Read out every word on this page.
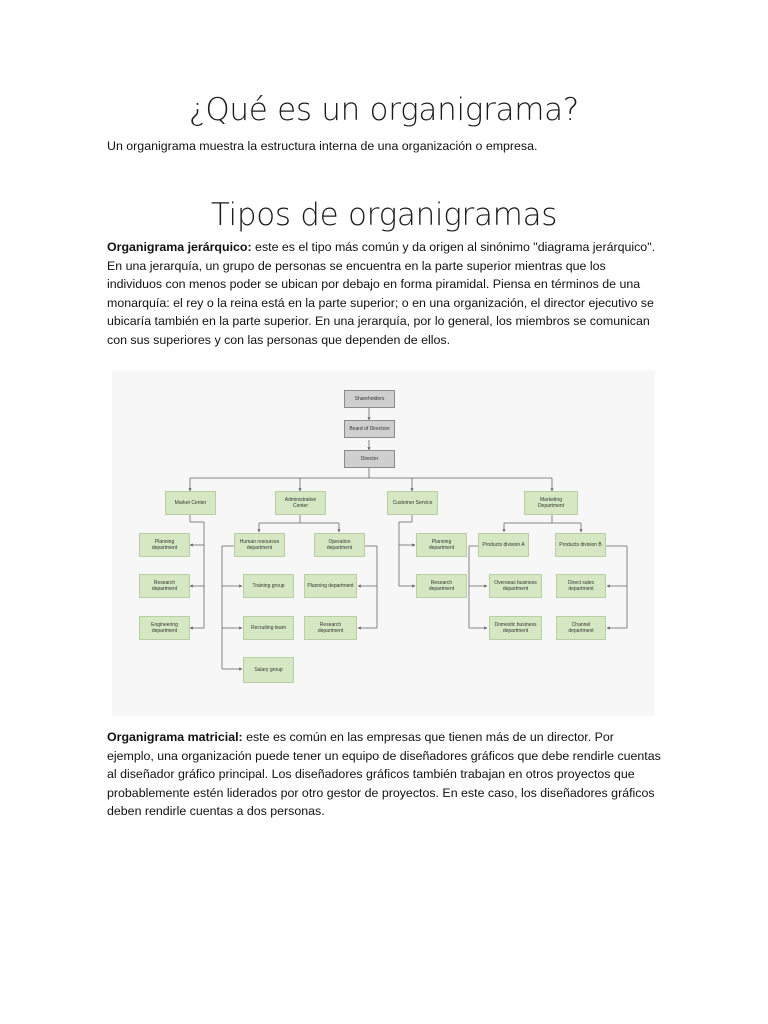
¿Qué es un organigrama?

Un organigrama muestra la estructura interna de una organización o empresa.

Tipos de organigramas

Organigrama jerárquico: este es el tipo más común y da origen al sinónimo "diagrama jerárquico". En una jerarquía, un grupo de personas se encuentra en la parte superior mientras que los individuos con menos poder se ubican por debajo en forma piramidal. Piensa en términos de una monarquía: el rey o la reina está en la parte superior; o en una organización, el director ejecutivo se ubicaría también en la parte superior. En una jerarquía, por lo general, los miembros se comunican con sus superiores y con las personas que dependen de ellos.

Shareholders
Board of Directors
Director
Market Center	Administrative Center	Customer Service	Marketing Department
Planning department
Research department
Engineering department
Human resources department
Operation department
Training group
Recruiting team
Salary group
Planning department
Research department
Planning department
Research department
Products division A	Products division B
Overseas business department
Domestic business department
Direct sales department
Channel department

Organigrama matricial: este es común en las empresas que tienen más de un director. Por ejemplo, una organización puede tener un equipo de diseñadores gráficos que debe rendirle cuentas al diseñador gráfico principal. Los diseñadores gráficos también trabajan en otros proyectos que probablemente estén liderados por otro gestor de proyectos. En este caso, los diseñadores gráficos deben rendirle cuentas a dos personas.
